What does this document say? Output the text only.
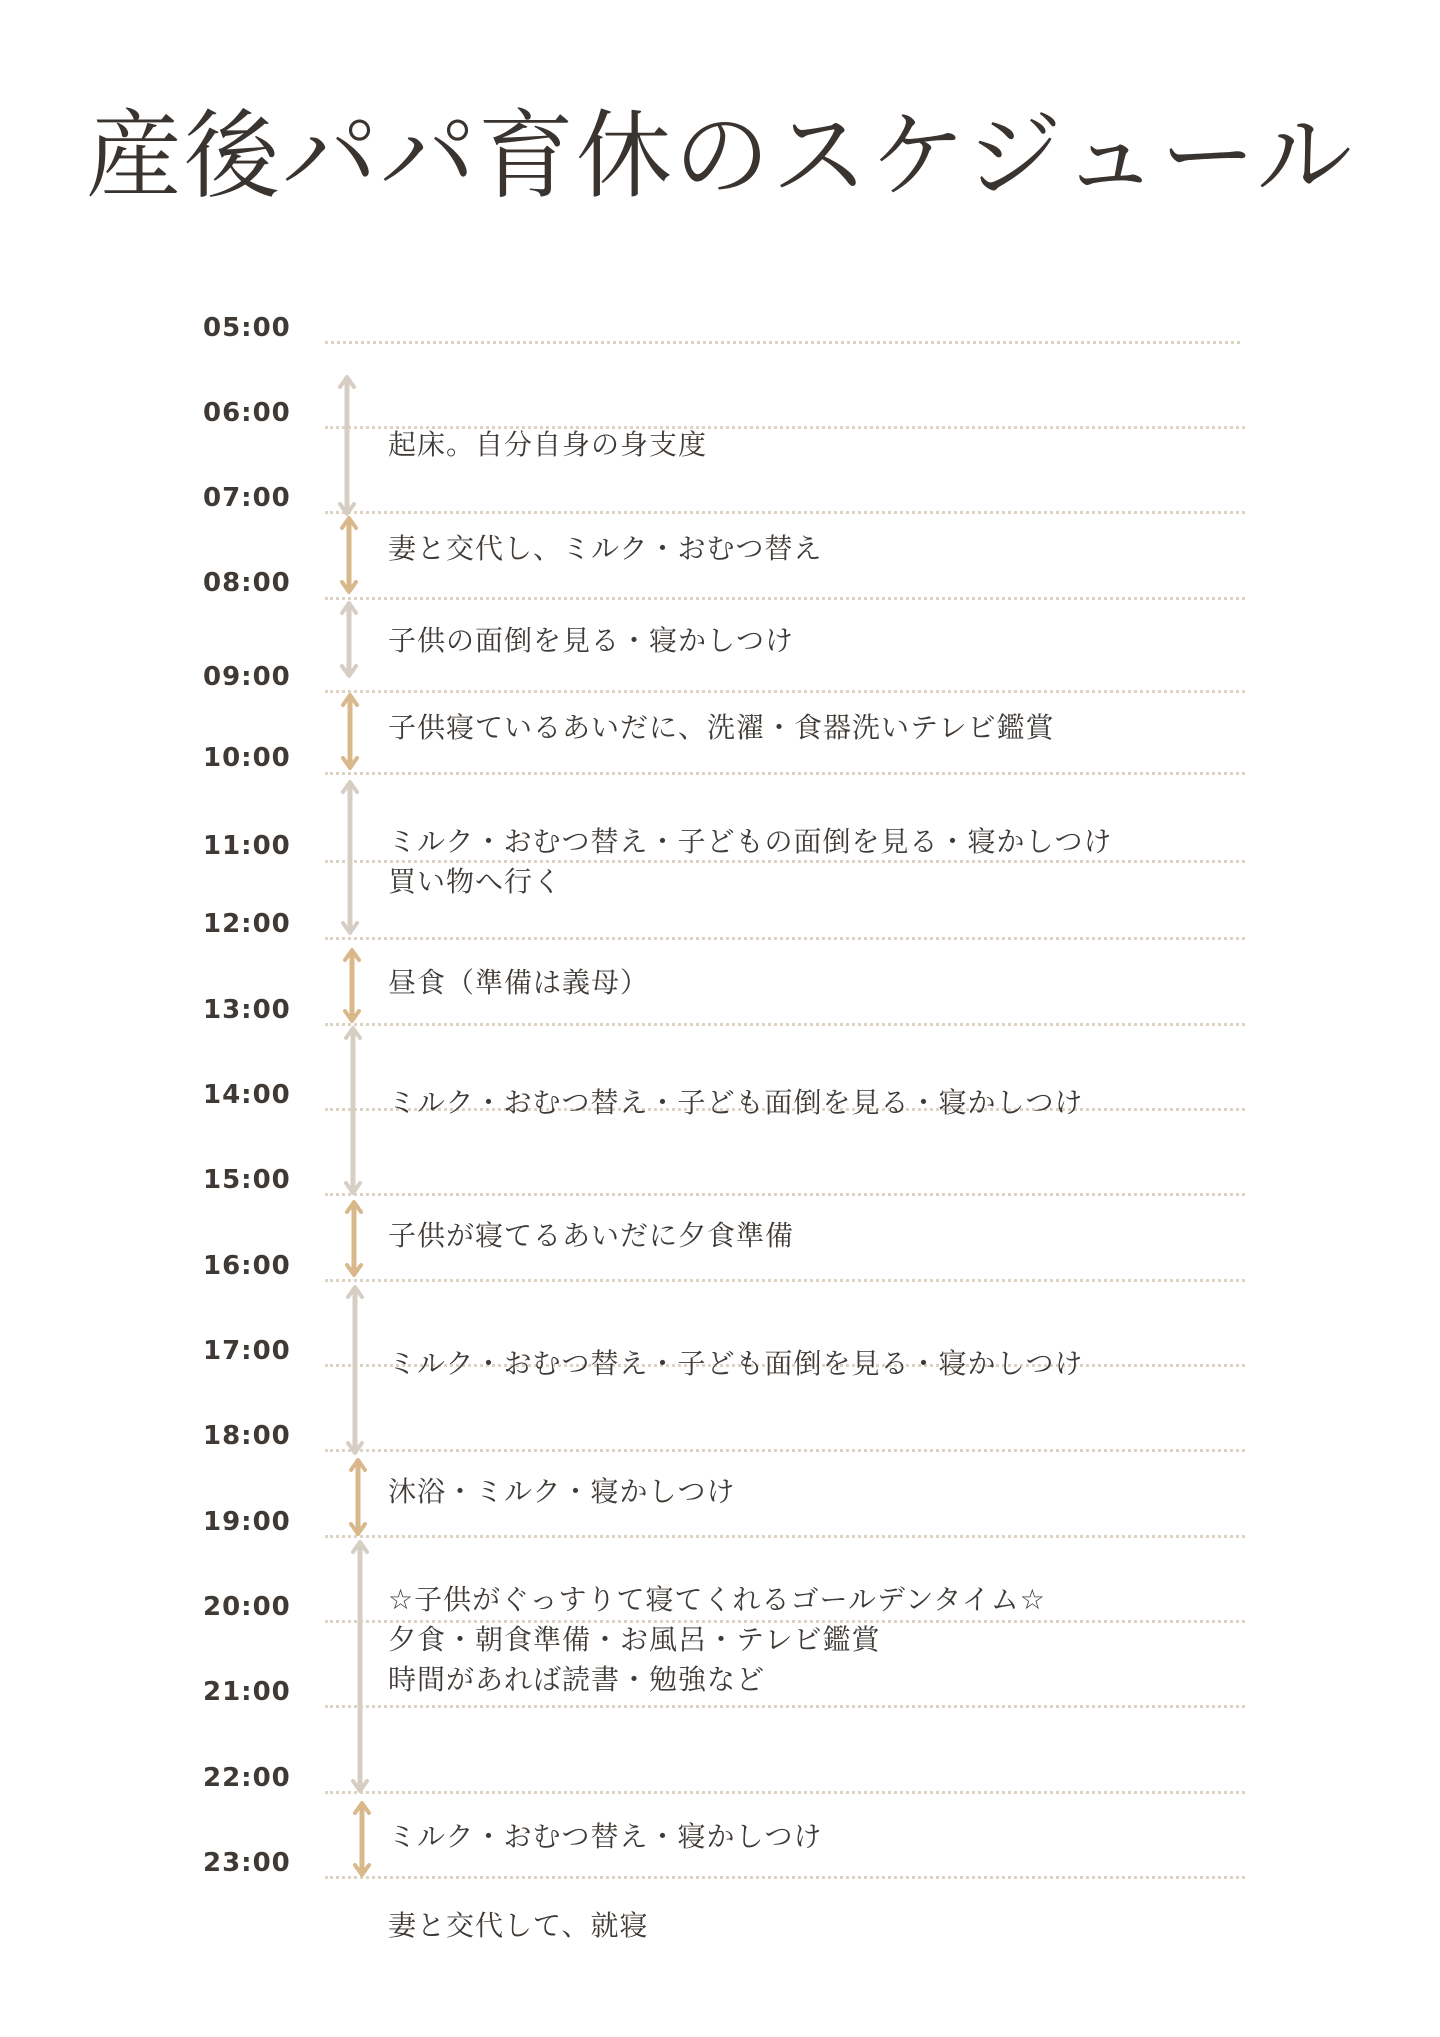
産後パパ育休のスケジュール
05:00
06:00
07:00
08:00
09:00
10:00
11:00
12:00
13:00
14:00
15:00
16:00
17:00
18:00
19:00
20:00
21:00
22:00
23:00
起床。自分自身の身支度
妻と交代し、ミルク・おむつ替え
子供の面倒を見る・寝かしつけ
子供寝ているあいだに、洗濯・食器洗いテレビ鑑賞
ミルク・おむつ替え・子どもの面倒を見る・寝かしつけ
買い物へ行く
昼食（準備は義母）
ミルク・おむつ替え・子ども面倒を見る・寝かしつけ
子供が寝てるあいだに夕食準備
ミルク・おむつ替え・子ども面倒を見る・寝かしつけ
沐浴・ミルク・寝かしつけ
☆子供がぐっすりて寝てくれるゴールデンタイム☆
夕食・朝食準備・お風呂・テレビ鑑賞
時間があれば読書・勉強など
ミルク・おむつ替え・寝かしつけ
妻と交代して、就寝
